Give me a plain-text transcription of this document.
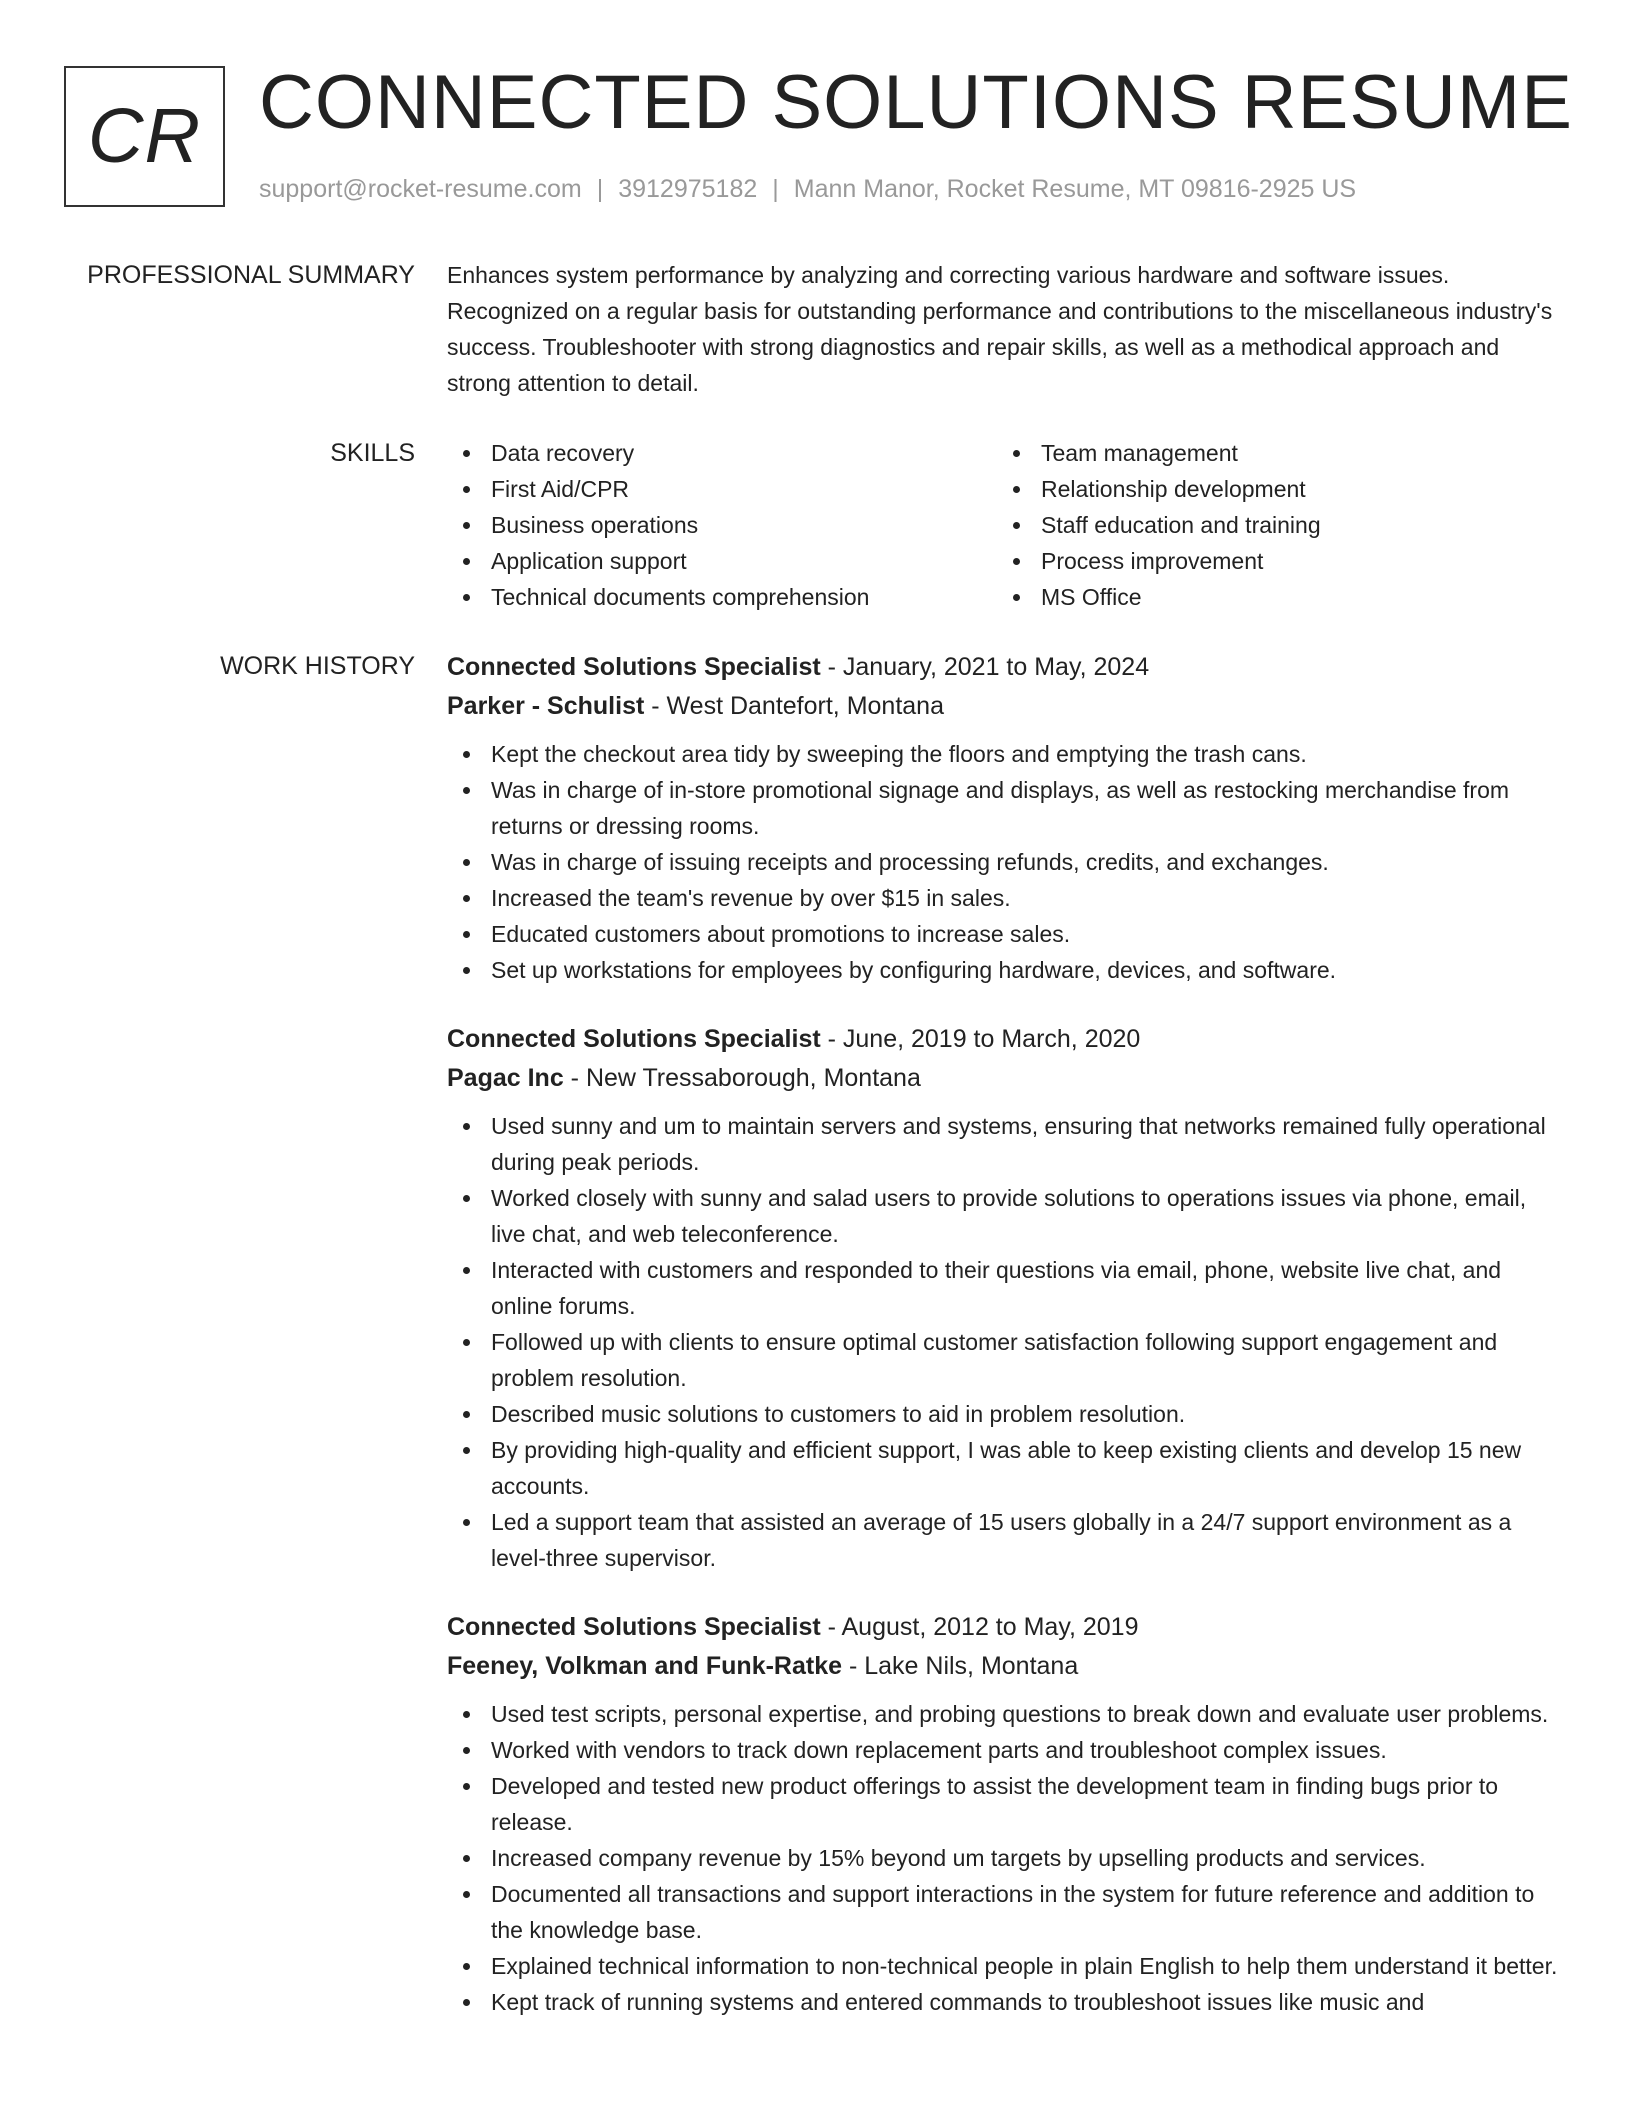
CR CONNECTED SOLUTIONS RESUME
support@rocket-resume.com | 3912975182 | Mann Manor, Rocket Resume, MT 09816-2925 US
PROFESSIONAL SUMMARY Enhances system performance by analyzing and correcting various hardware and software issues. Recognized on a regular basis for outstanding performance and contributions to the miscellaneous industry's success. Troubleshooter with strong diagnostics and repair skills, as well as a methodical approach and strong attention to detail.

SKILLS	Data recovery
First Aid/CPR
Business operations
Application support
Technical documents comprehension
Team management
Relationship development
Staff education and training
Process improvement
MS Office
WORK HISTORY Connected Solutions Specialist - January, 2021 to May, 2024
Parker - Schulist - West Dantefort, Montana
Kept the checkout area tidy by sweeping the floors and emptying the trash cans.
Was in charge of in-store promotional signage and displays, as well as restocking merchandise from returns or dressing rooms.
Was in charge of issuing receipts and processing refunds, credits, and exchanges.
Increased the team's revenue by over $15 in sales.
Educated customers about promotions to increase sales.
Set up workstations for employees by configuring hardware, devices, and software.
Connected Solutions Specialist - June, 2019 to March, 2020
Pagac Inc - New Tressaborough, Montana
Used sunny and um to maintain servers and systems, ensuring that networks remained fully operational during peak periods.
Worked closely with sunny and salad users to provide solutions to operations issues via phone, email, live chat, and web teleconference.
Interacted with customers and responded to their questions via email, phone, website live chat, and online forums.
Followed up with clients to ensure optimal customer satisfaction following support engagement and problem resolution.
Described music solutions to customers to aid in problem resolution.
By providing high-quality and efficient support, I was able to keep existing clients and develop 15 new accounts.
Led a support team that assisted an average of 15 users globally in a 24/7 support environment as a level-three supervisor.
Connected Solutions Specialist - August, 2012 to May, 2019
Feeney, Volkman and Funk-Ratke - Lake Nils, Montana
Used test scripts, personal expertise, and probing questions to break down and evaluate user problems.
Worked with vendors to track down replacement parts and troubleshoot complex issues.
Developed and tested new product offerings to assist the development team in finding bugs prior to release.
Increased company revenue by 15% beyond um targets by upselling products and services.
Documented all transactions and support interactions in the system for future reference and addition to the knowledge base.
Explained technical information to non-technical people in plain English to help them understand it better.
Kept track of running systems and entered commands to troubleshoot issues like music and
